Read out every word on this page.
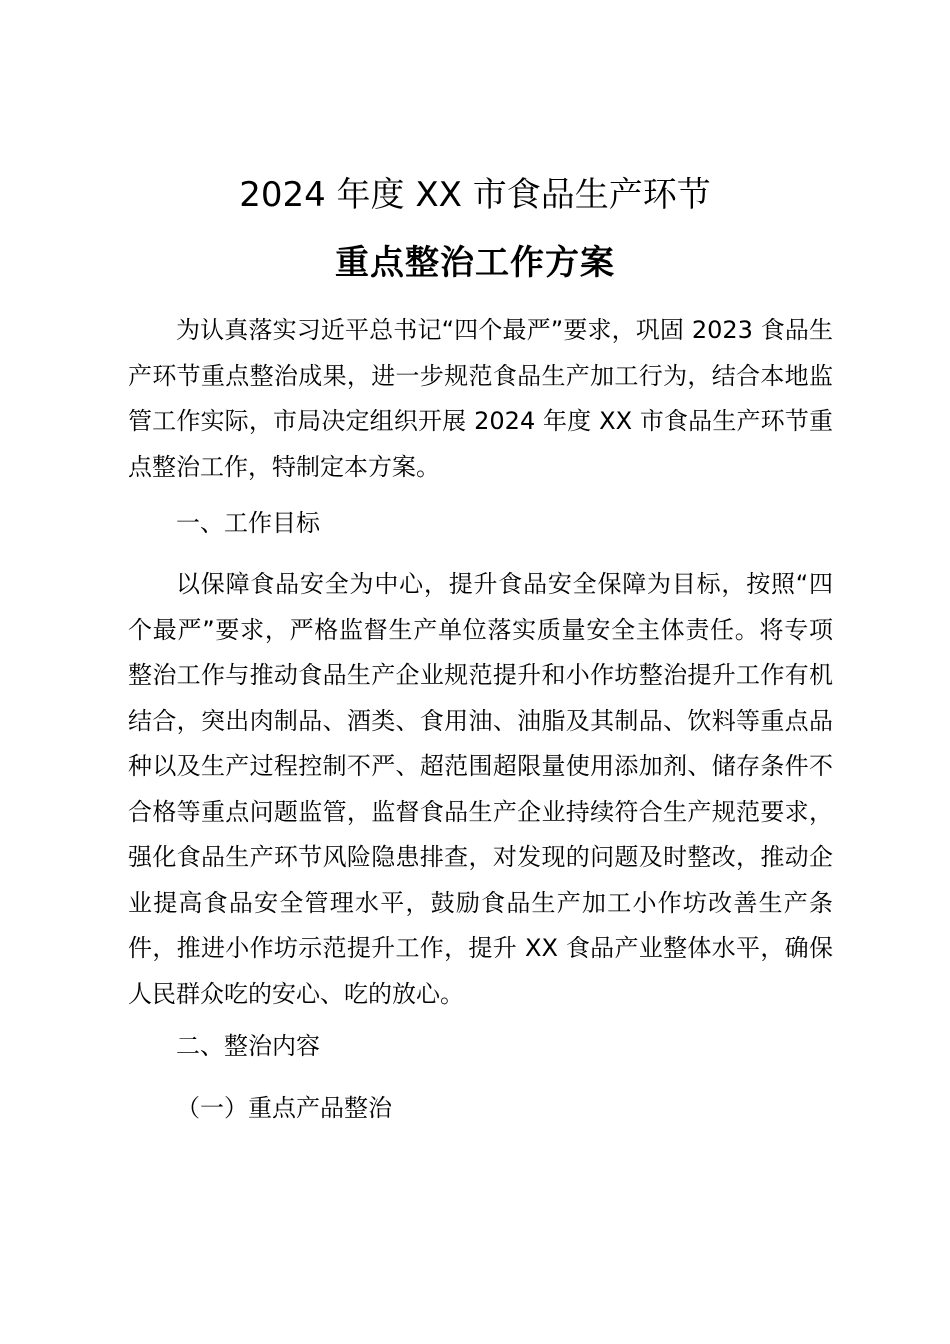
2024 年度 XX 市食品生产环节
重点整治工作方案

为认真落实习近平总书记“四个最严”要求，巩固 2023 食品生产环节重点整治成果，进一步规范食品生产加工行为，结合本地监管工作实际，市局决定组织开展 2024 年度 XX 市食品生产环节重点整治工作，特制定本方案。

一、工作目标

以保障食品安全为中心，提升食品安全保障为目标，按照“四个最严”要求，严格监督生产单位落实质量安全主体责任。将专项整治工作与推动食品生产企业规范提升和小作坊整治提升工作有机结合，突出肉制品、酒类、食用油、油脂及其制品、饮料等重点品种以及生产过程控制不严、超范围超限量使用添加剂、储存条件不合格等重点问题监管，监督食品生产企业持续符合生产规范要求，强化食品生产环节风险隐患排查，对发现的问题及时整改，推动企业提高食品安全管理水平，鼓励食品生产加工小作坊改善生产条件，推进小作坊示范提升工作，提升 XX 食品产业整体水平，确保人民群众吃的安心、吃的放心。

二、整治内容

（一）重点产品整治
